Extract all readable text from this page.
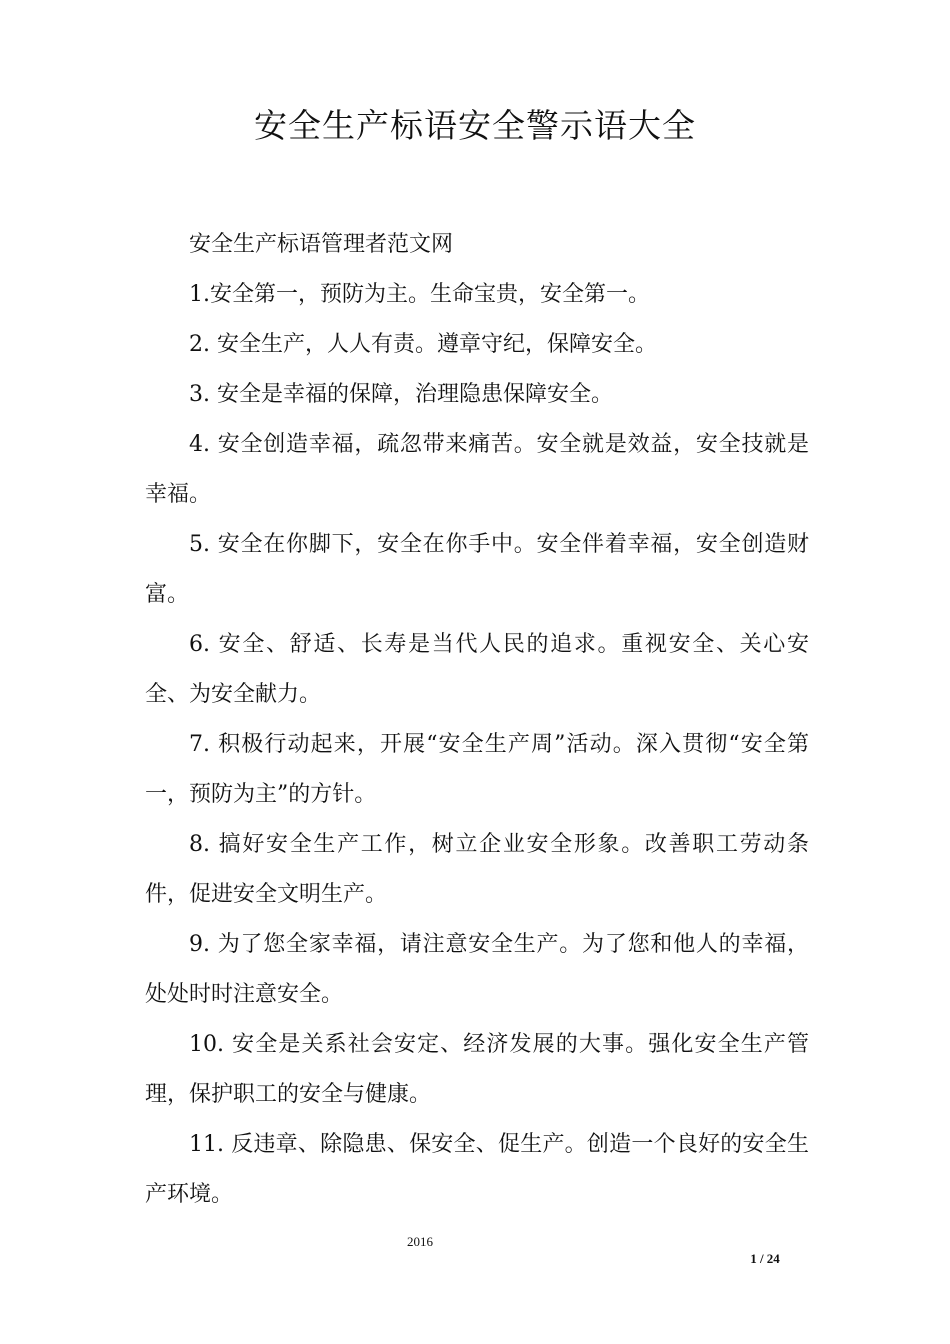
安全生产标语安全警示语大全

安全生产标语管理者范文网

1.安全第一，预防为主。生命宝贵，安全第一。

2. 安全生产，人人有责。遵章守纪，保障安全。

3. 安全是幸福的保障，治理隐患保障安全。

4. 安全创造幸福，疏忽带来痛苦。安全就是效益，安全技就是幸福。

5. 安全在你脚下，安全在你手中。安全伴着幸福，安全创造财富。

6. 安全、舒适、长寿是当代人民的追求。重视安全、关心安全、为安全献力。

7. 积极行动起来，开展“安全生产周”活动。深入贯彻“安全第一，预防为主”的方针。

8. 搞好安全生产工作，树立企业安全形象。改善职工劳动条件，促进安全文明生产。

9. 为了您全家幸福，请注意安全生产。为了您和他人的幸福，处处时时注意安全。

10. 安全是关系社会安定、经济发展的大事。强化安全生产管理，保护职工的安全与健康。

11. 反违章、除隐患、保安全、促生产。创造一个良好的安全生产环境。

2016
1 / 24
